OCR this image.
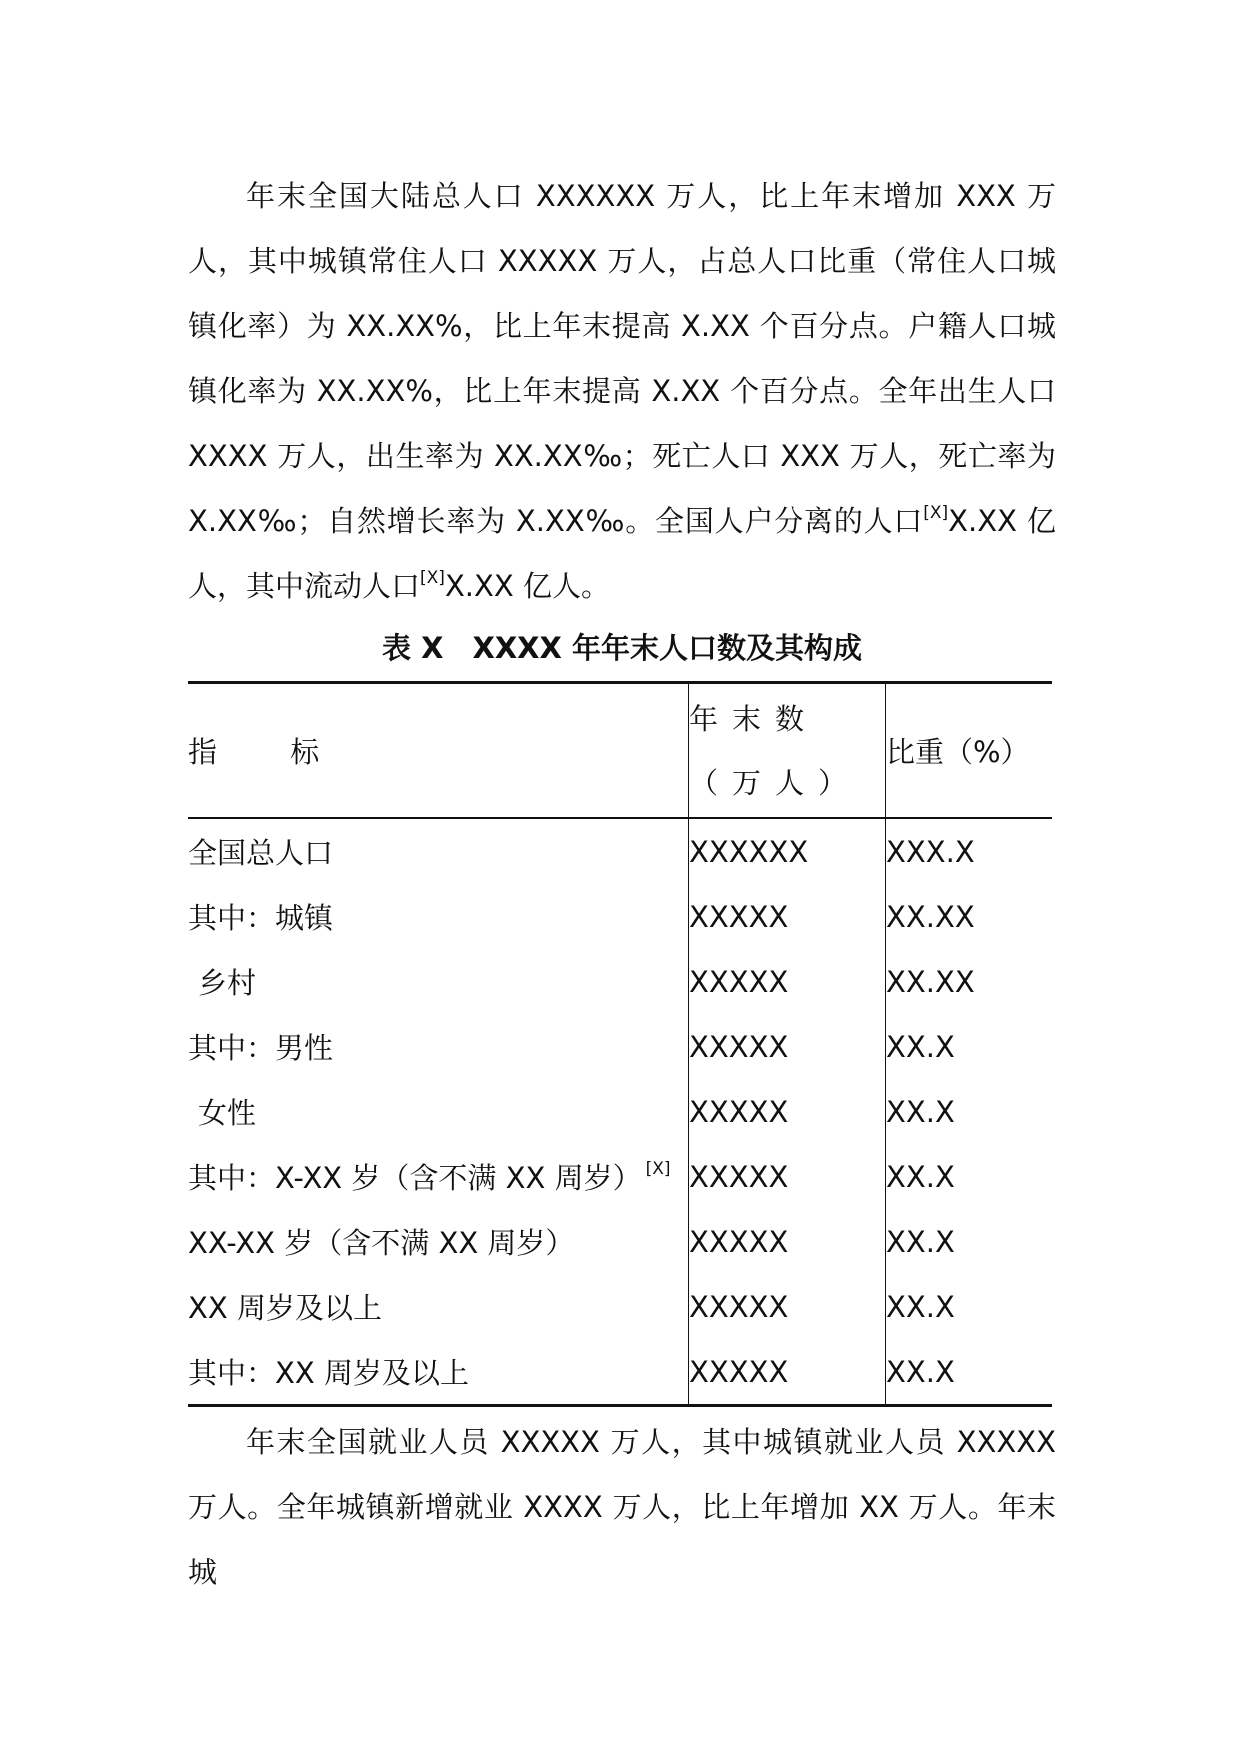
年末全国大陆总人口 XXXXXX 万人，比上年末增加 XXX 万人，其中城镇常住人口 XXXXX 万人，占总人口比重（常住人口城镇化率）为 XX.XX%，比上年末提高 X.XX 个百分点。户籍人口城镇化率为 XX.XX%，比上年末提高 X.XX 个百分点。全年出生人口 XXXX 万人，出生率为 XX.XX‰；死亡人口 XXX 万人，死亡率为 X.XX‰；自然增长率为 X.XX‰。全国人户分离的人口[X]X.XX 亿人，其中流动人口[X]X.XX 亿人。

表 X　XXXX 年年末人口数及其构成
指 标	年末数（万人）	比重（%）
全国总人口	XXXXXX	XXX.X
其中：城镇	XXXXX	XX.XX
乡村	XXXXX	XX.XX
其中：男性	XXXXX	XX.X
女性	XXXXX	XX.X
其中：X-XX 岁（含不满 XX 周岁） [X]	XXXXX	XX.X
XX-XX 岁（含不满 XX 周岁）	XXXXX	XX.X
XX 周岁及以上	XXXXX	XX.X
其中：XX 周岁及以上	XXXXX	XX.X

年末全国就业人员 XXXXX 万人，其中城镇就业人员 XXXXX 万人。全年城镇新增就业 XXXX 万人，比上年增加 XX 万人。年末城
